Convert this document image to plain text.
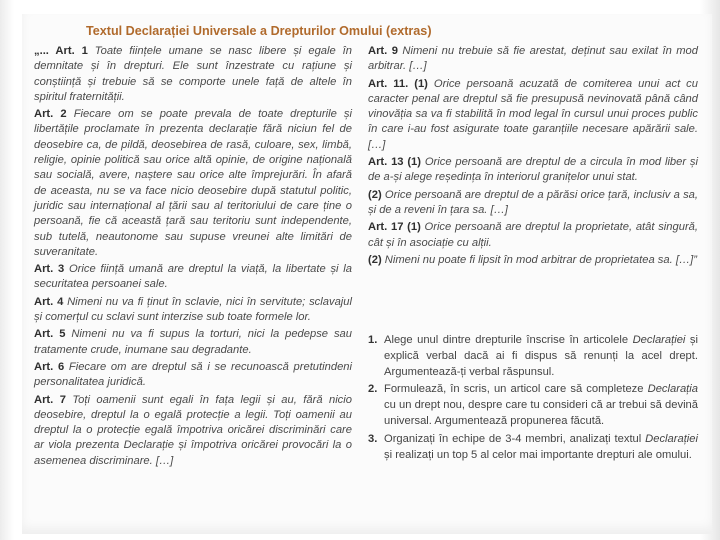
Textul Declarației Universale a Drepturilor Omului (extras)

„... Art. 1 Toate ființele umane se nasc libere și egale în demnitate și în drepturi. Ele sunt înzestrate cu rațiune și conștiință și trebuie să se comporte unele față de altele în spiritul fraternității.

Art. 2 Fiecare om se poate prevala de toate drepturile și libertățile proclamate în prezenta declarație fără niciun fel de deosebire ca, de pildă, deosebirea de rasă, culoare, sex, limbă, religie, opinie politică sau orice altă opinie, de origine națională sau socială, avere, naștere sau orice alte împrejurări. În afară de aceasta, nu se va face nicio deosebire după statutul politic, juridic sau internațional al țării sau al teritoriului de care ține o persoană, fie că această țară sau teritoriu sunt independente, sub tutelă, neautonome sau supuse vreunei alte limitări de suveranitate.

Art. 3 Orice ființă umană are dreptul la viață, la libertate și la securitatea persoanei sale.

Art. 4 Nimeni nu va fi ținut în sclavie, nici în servitute; sclavajul și comerțul cu sclavi sunt interzise sub toate formele lor.

Art. 5 Nimeni nu va fi supus la torturi, nici la pedepse sau tratamente crude, inumane sau degradante.

Art. 6 Fiecare om are dreptul să i se recunoască pretutindeni personalitatea juridică.

Art. 7 Toți oamenii sunt egali în fața legii și au, fără nicio deosebire, dreptul la o egală protecție a legii. Toți oamenii au dreptul la o protecție egală împotriva oricărei discriminări care ar viola prezenta Declarație și împotriva oricărei provocări la o asemenea discriminare. […]

Art. 9 Nimeni nu trebuie să fie arestat, deținut sau exilat în mod arbitrar. […]

Art. 11. (1) Orice persoană acuzată de comiterea unui act cu caracter penal are dreptul să fie presupusă nevinovată până când vinovăția sa va fi stabilită în mod legal în cursul unui proces public în care i-au fost asigurate toate garanțiile necesare apărării sale. […]

Art. 13 (1) Orice persoană are dreptul de a circula în mod liber și de a-și alege reședința în interiorul granițelor unui stat.

(2) Orice persoană are dreptul de a părăsi orice țară, inclusiv a sa, și de a reveni în țara sa. […]

Art. 17 (1) Orice persoană are dreptul la proprietate, atât singură, cât și în asociație cu alții.

(2) Nimeni nu poate fi lipsit în mod arbitrar de proprietatea sa. […]”

1. Alege unul dintre drepturile înscrise în articolele Declarației și explică verbal dacă ai fi dispus să renunți la acel drept. Argumentează-ți verbal răspunsul.
2. Formulează, în scris, un articol care să completeze Declarația cu un drept nou, despre care tu consideri că ar trebui să devină universal. Argumentează propunerea făcută.
3. Organizați în echipe de 3-4 membri, analizați textul Declarației și realizați un top 5 al celor mai importante drepturi ale omului.
